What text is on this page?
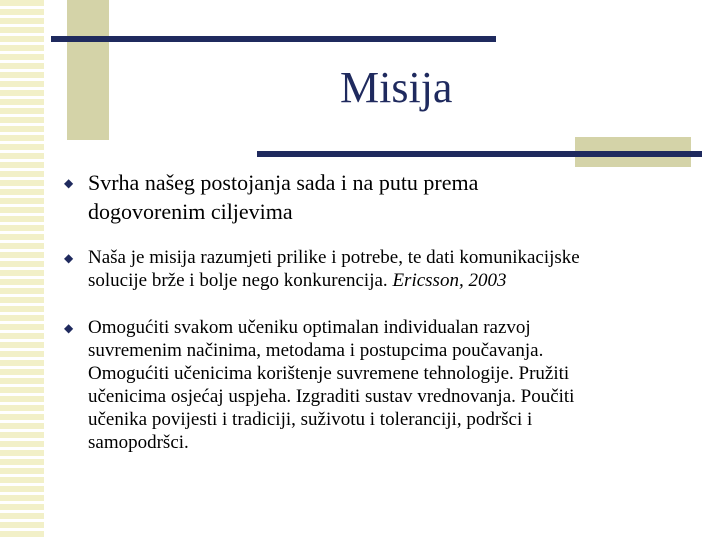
Misija
◆ Svrha našeg postojanja sada i na putu prema
dogovorenim ciljevima
◆ Naša je misija razumjeti prilike i potrebe, te dati komunikacijske
solucije brže i bolje nego konkurencija. Ericsson, 2003
◆ Omogućiti svakom učeniku optimalan individualan razvoj
suvremenim načinima, metodama i postupcima poučavanja.
Omogućiti učenicima korištenje suvremene tehnologije. Pružiti
učenicima osjećaj uspjeha. Izgraditi sustav vrednovanja. Poučiti
učenika povijesti i tradiciji, suživotu i toleranciji, podršci i
samopodršci.
